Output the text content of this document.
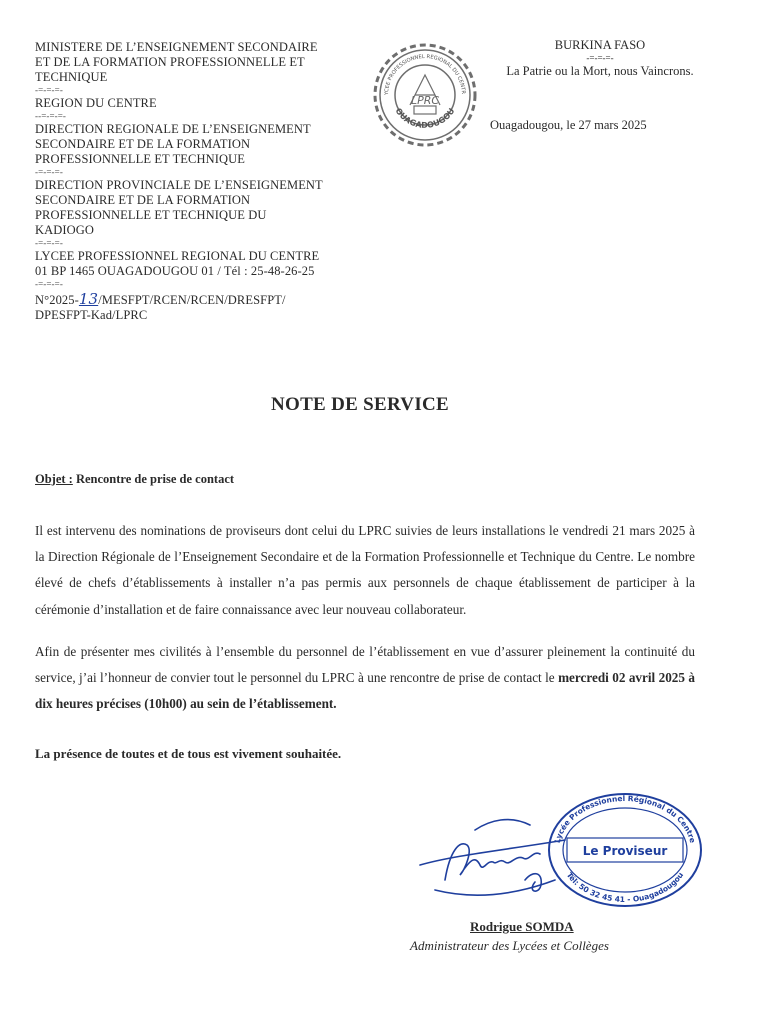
MINISTERE DE L’ENSEIGNEMENT SECONDAIRE
ET DE LA FORMATION PROFESSIONNELLE ET
TECHNIQUE
-=-=-=-
REGION DU CENTRE
--=-=-=-
DIRECTION REGIONALE DE L’ENSEIGNEMENT
SECONDAIRE ET DE LA FORMATION
PROFESSIONNELLE ET TECHNIQUE
-=-=-=-
DIRECTION PROVINCIALE DE L’ENSEIGNEMENT
SECONDAIRE ET DE LA FORMATION
PROFESSIONNELLE ET TECHNIQUE DU
KADIOGO
-=-=-=-
LYCEE PROFESSIONNEL REGIONAL DU CENTRE
01 BP 1465 OUAGADOUGOU 01 / Tél : 25-48-26-25
-=-=-=-
N°2025-13/MESFPT/RCEN/RCEN/DRESFPT/
DPESFPT-Kad/LPRC
YCEE PROFESSIONNEL REGIONAL DU CENTR
OUAGADOUGOU
LPRC
BURKINA FASO
-=-=-=-
La Patrie ou la Mort, nous Vaincrons.
Ouagadougou, le 27 mars 2025
NOTE DE SERVICE
Objet : Rencontre de prise de contact

Il est intervenu des nominations de proviseurs dont celui du LPRC suivies de leurs installations le vendredi 21 mars 2025 à la Direction Régionale de l’Enseignement Secondaire et de la Formation Professionnelle et Technique du Centre. Le nombre élevé de chefs d’établissements à installer n’a pas permis aux personnels de chaque établissement de participer à la cérémonie d’installation et de faire connaissance avec leur nouveau collaborateur.

Afin de présenter mes civilités à l’ensemble du personnel de l’établissement en vue d’assurer pleinement la continuité du service, j’ai l’honneur de convier tout le personnel du LPRC à une rencontre de prise de contact le mercredi 02 avril 2025 à dix heures précises (10h00) au sein de l’établissement.

La présence de toutes et de tous est vivement souhaitée.
Lycée Professionnel Régional du Centre
Tél: 50 32 45 41 - Ouagadougou
Le Proviseur
Rodrigue SOMDA
Administrateur des Lycées et Collèges
